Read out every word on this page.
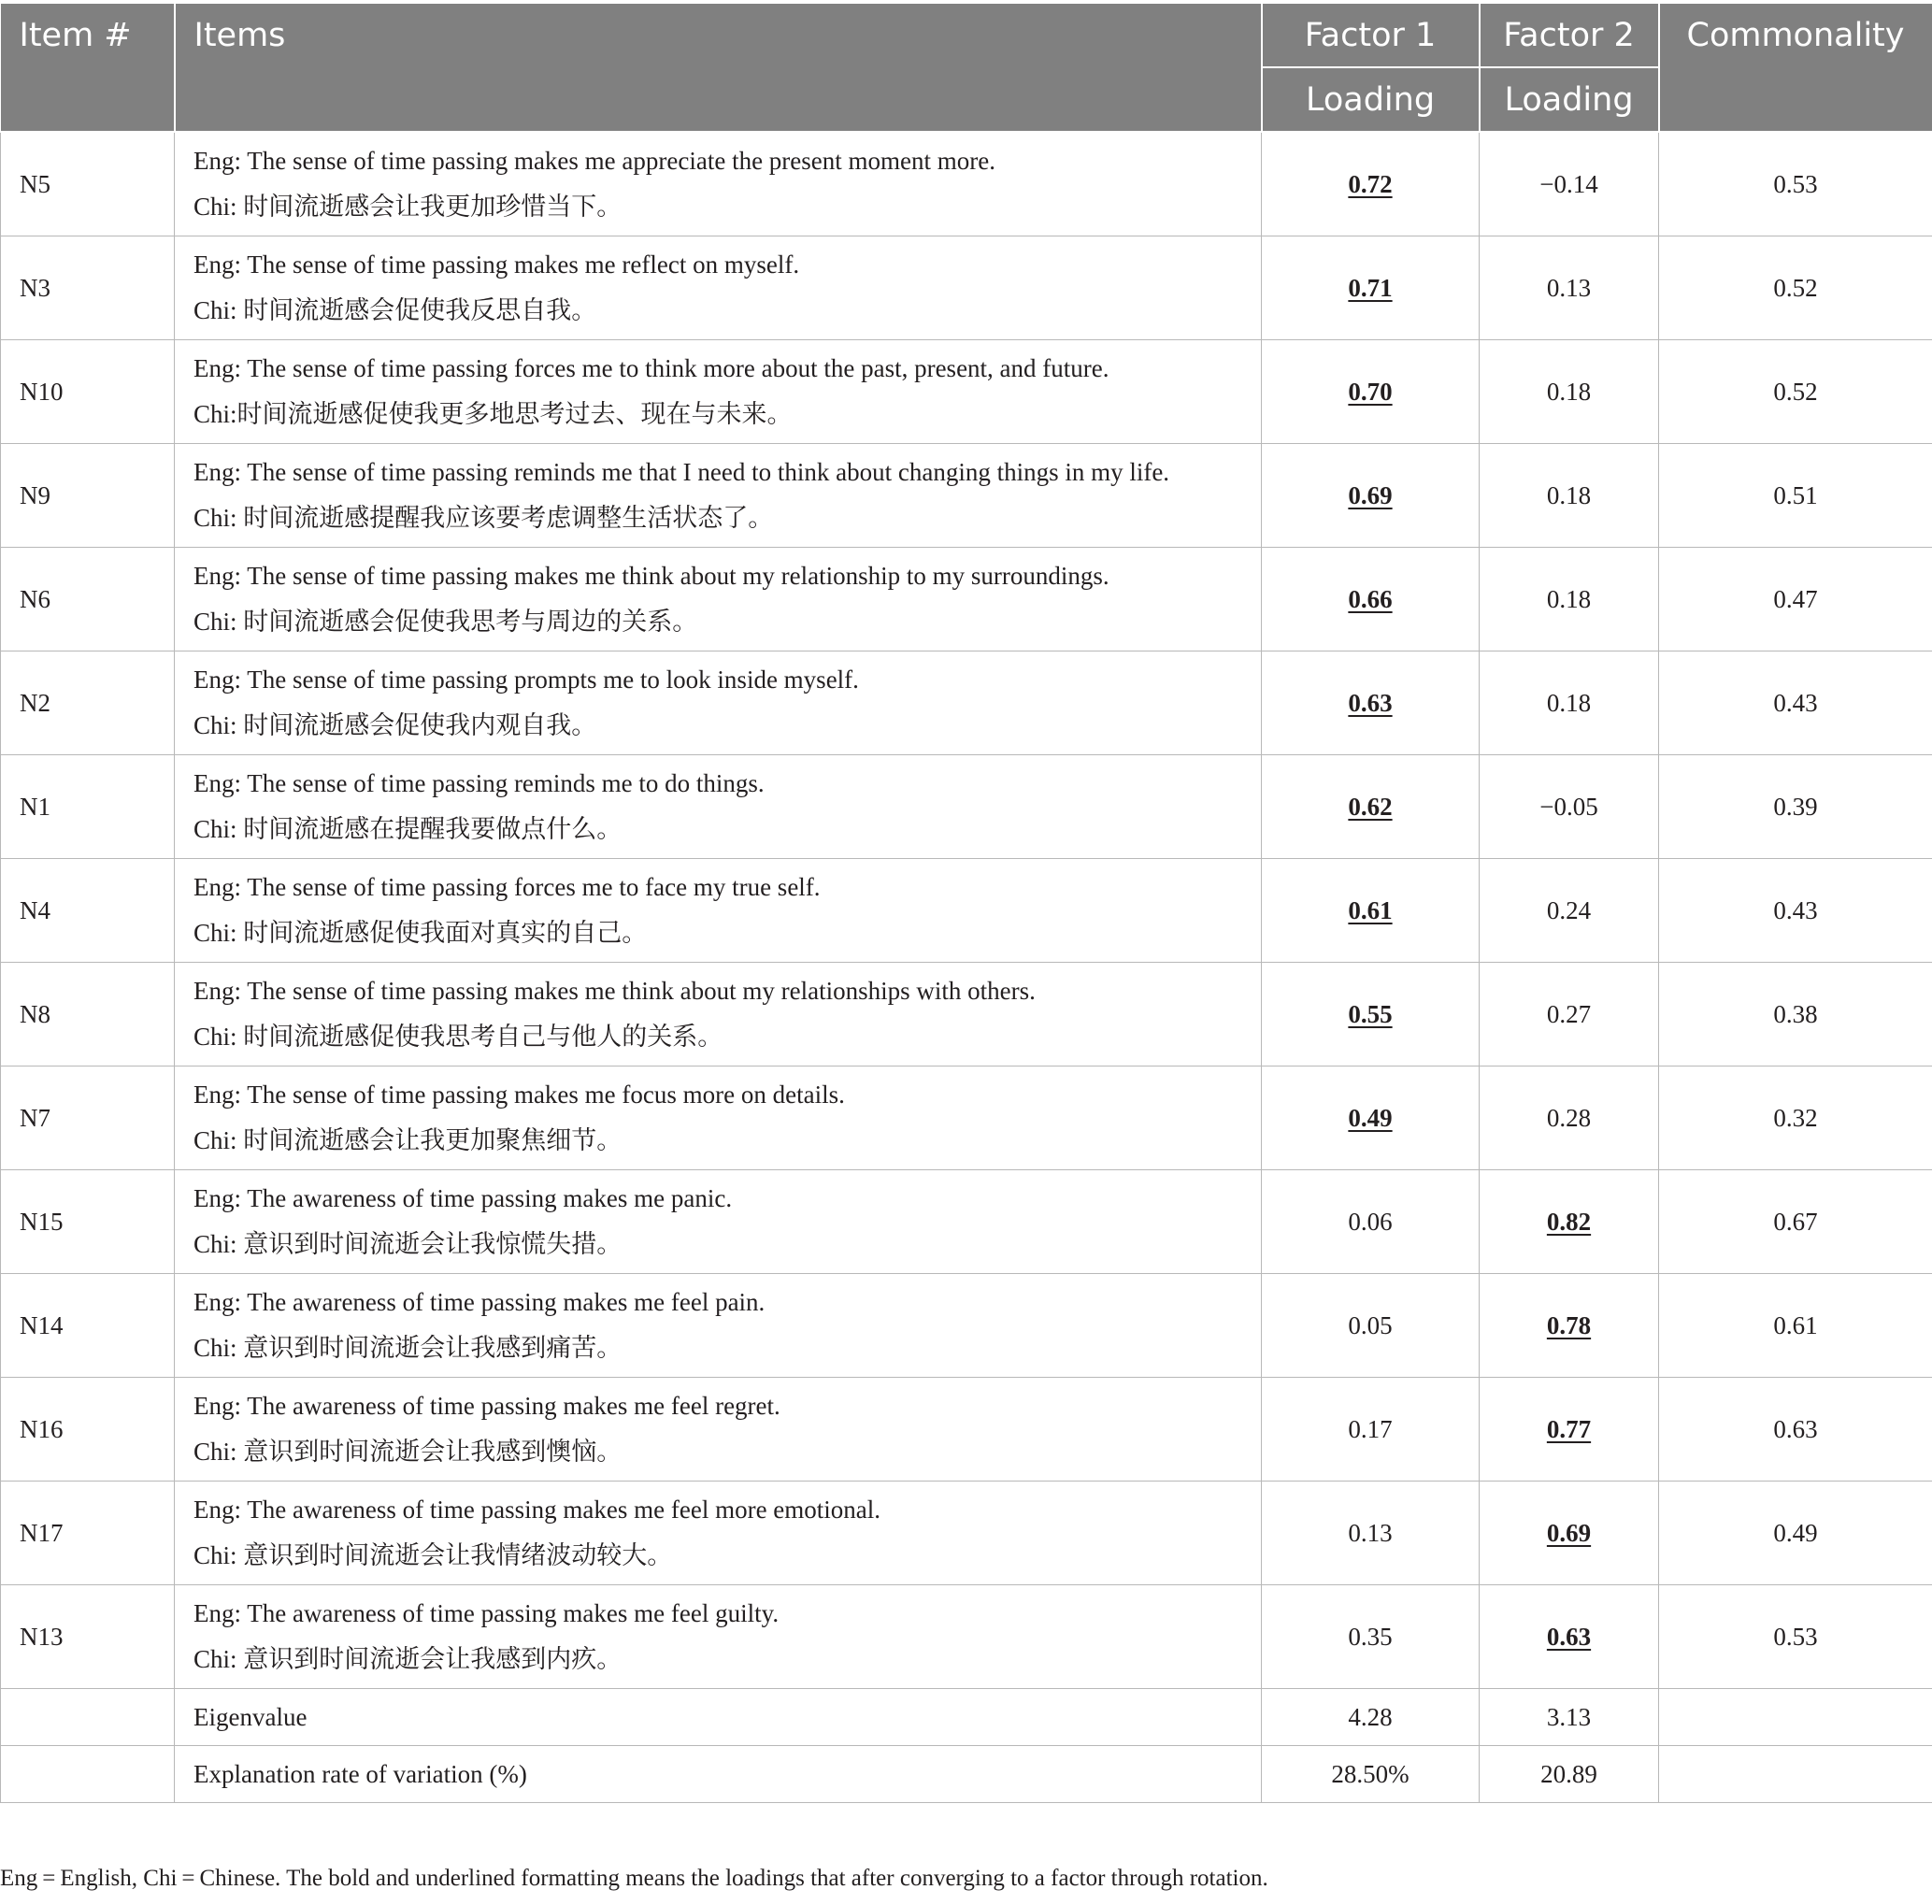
Item #	Items	Factor 1	Factor 2	Commonality
		Loading	Loading	
N5	Eng: The sense of time passing makes me appreciate the present moment more.
Chi: 时间流逝感会让我更加珍惜当下。	0.72	−0.14	0.53
N3	Eng: The sense of time passing makes me reflect on myself.
Chi: 时间流逝感会促使我反思自我。	0.71	0.13	0.52
N10	Eng: The sense of time passing forces me to think more about the past, present, and future.
Chi:时间流逝感促使我更多地思考过去、现在与未来。	0.70	0.18	0.52
N9	Eng: The sense of time passing reminds me that I need to think about changing things in my life.
Chi: 时间流逝感提醒我应该要考虑调整生活状态了。	0.69	0.18	0.51
N6	Eng: The sense of time passing makes me think about my relationship to my surroundings.
Chi: 时间流逝感会促使我思考与周边的关系。	0.66	0.18	0.47
N2	Eng: The sense of time passing prompts me to look inside myself.
Chi: 时间流逝感会促使我内观自我。	0.63	0.18	0.43
N1	Eng: The sense of time passing reminds me to do things.
Chi: 时间流逝感在提醒我要做点什么。	0.62	−0.05	0.39
N4	Eng: The sense of time passing forces me to face my true self.
Chi: 时间流逝感促使我面对真实的自己。	0.61	0.24	0.43
N8	Eng: The sense of time passing makes me think about my relationships with others.
Chi: 时间流逝感促使我思考自己与他人的关系。	0.55	0.27	0.38
N7	Eng: The sense of time passing makes me focus more on details.
Chi: 时间流逝感会让我更加聚焦细节。	0.49	0.28	0.32
N15	Eng: The awareness of time passing makes me panic.
Chi: 意识到时间流逝会让我惊慌失措。	0.06	0.82	0.67
N14	Eng: The awareness of time passing makes me feel pain.
Chi: 意识到时间流逝会让我感到痛苦。	0.05	0.78	0.61
N16	Eng: The awareness of time passing makes me feel regret.
Chi: 意识到时间流逝会让我感到懊恼。	0.17	0.77	0.63
N17	Eng: The awareness of time passing makes me feel more emotional.
Chi: 意识到时间流逝会让我情绪波动较大。	0.13	0.69	0.49
N13	Eng: The awareness of time passing makes me feel guilty.
Chi: 意识到时间流逝会让我感到内疚。	0.35	0.63	0.53
	Eigenvalue	4.28	3.13	
	Explanation rate of variation (%)	28.50%	20.89	
Eng = English, Chi = Chinese. The bold and underlined formatting means the loadings that after converging to a factor through rotation.
